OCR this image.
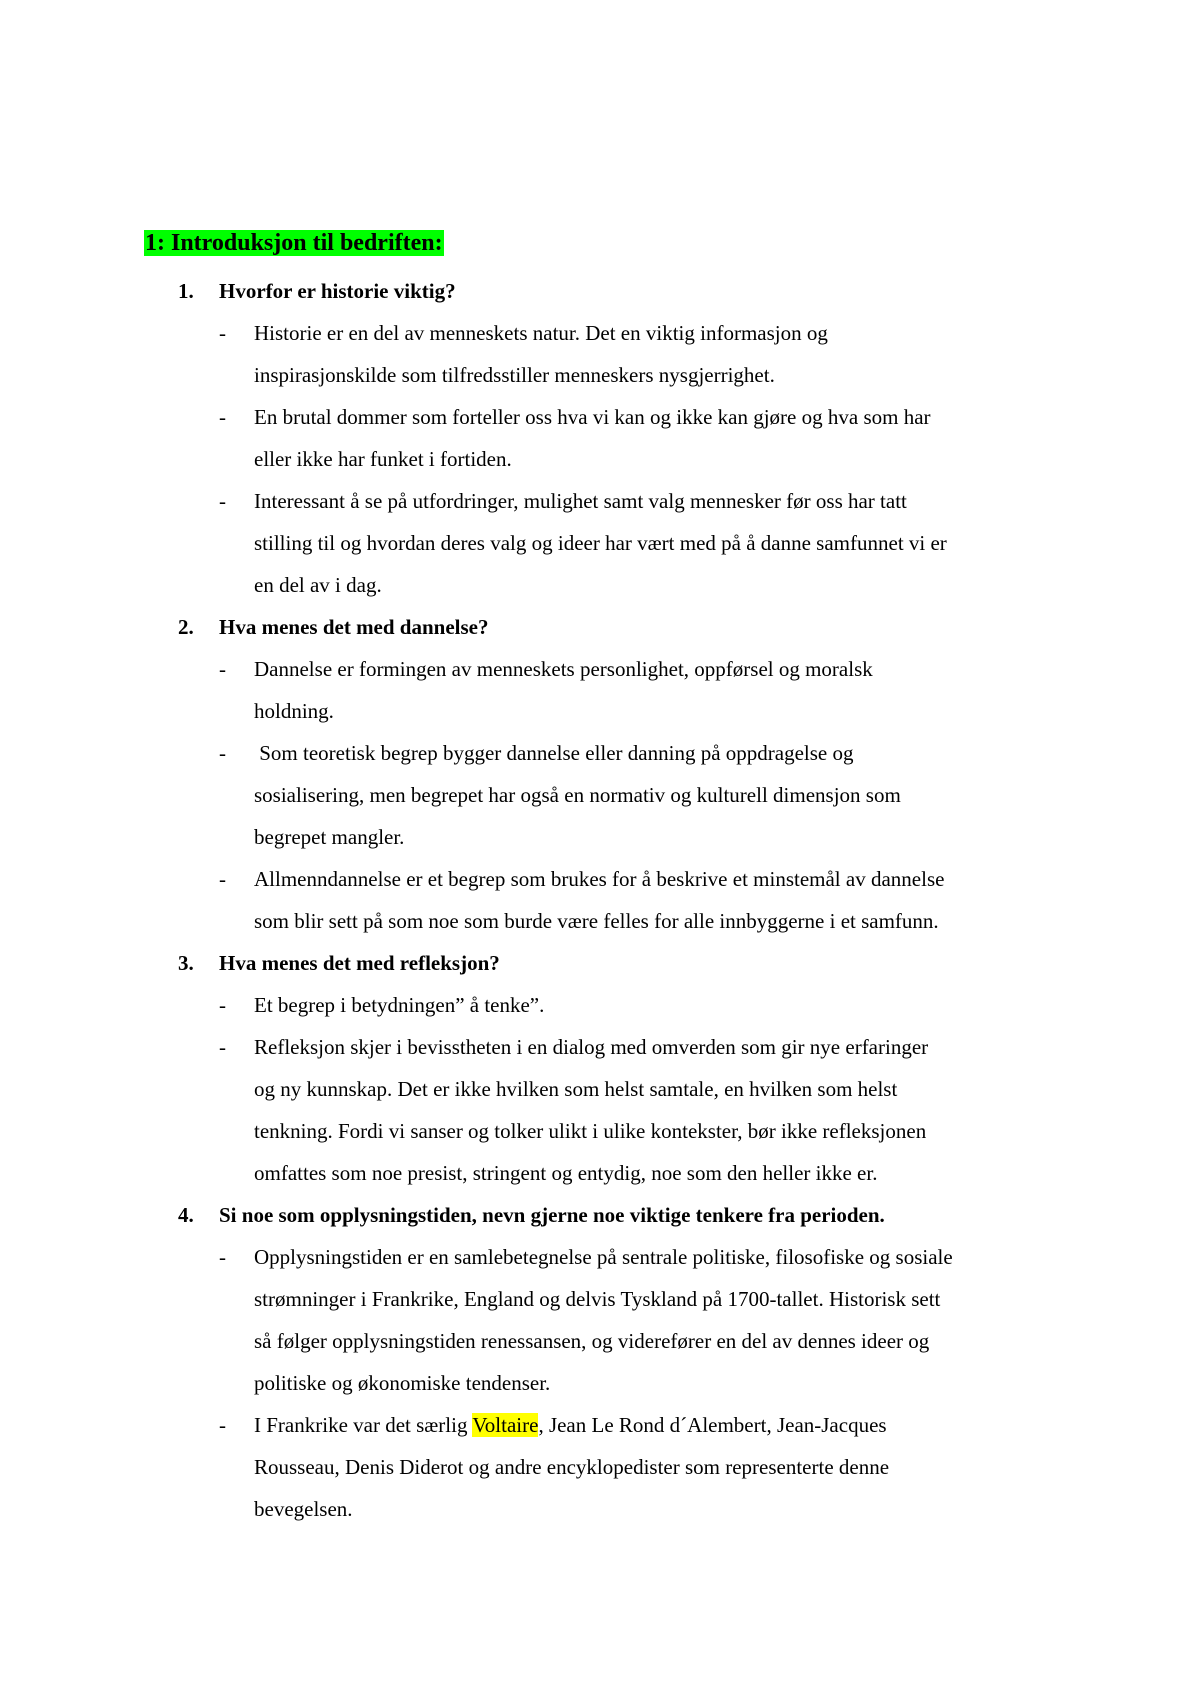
1: Introduksjon til bedriften:
1. Hvorfor er historie viktig?
- Historie er en del av menneskets natur. Det en viktig informasjon og
inspirasjonskilde som tilfredsstiller menneskers nysgjerrighet.
- En brutal dommer som forteller oss hva vi kan og ikke kan gjøre og hva som har
eller ikke har funket i fortiden.
- Interessant å se på utfordringer, mulighet samt valg mennesker før oss har tatt
stilling til og hvordan deres valg og ideer har vært med på å danne samfunnet vi er
en del av i dag.
2. Hva menes det med dannelse?
- Dannelse er formingen av menneskets personlighet, oppførsel og moralsk
holdning.
- Som teoretisk begrep bygger dannelse eller danning på oppdragelse og
sosialisering, men begrepet har også en normativ og kulturell dimensjon som
begrepet mangler.
- Allmenndannelse er et begrep som brukes for å beskrive et minstemål av dannelse
som blir sett på som noe som burde være felles for alle innbyggerne i et samfunn.
3. Hva menes det med refleksjon?
- Et begrep i betydningen” å tenke”.
- Refleksjon skjer i bevisstheten i en dialog med omverden som gir nye erfaringer
og ny kunnskap. Det er ikke hvilken som helst samtale, en hvilken som helst
tenkning. Fordi vi sanser og tolker ulikt i ulike kontekster, bør ikke refleksjonen
omfattes som noe presist, stringent og entydig, noe som den heller ikke er.
4. Si noe som opplysningstiden, nevn gjerne noe viktige tenkere fra perioden.
- Opplysningstiden er en samlebetegnelse på sentrale politiske, filosofiske og sosiale
strømninger i Frankrike, England og delvis Tyskland på 1700-tallet. Historisk sett
så følger opplysningstiden renessansen, og viderefører en del av dennes ideer og
politiske og økonomiske tendenser.
- I Frankrike var det særlig Voltaire, Jean Le Rond d´Alembert, Jean-Jacques
Rousseau, Denis Diderot og andre encyklopedister som representerte denne
bevegelsen.
